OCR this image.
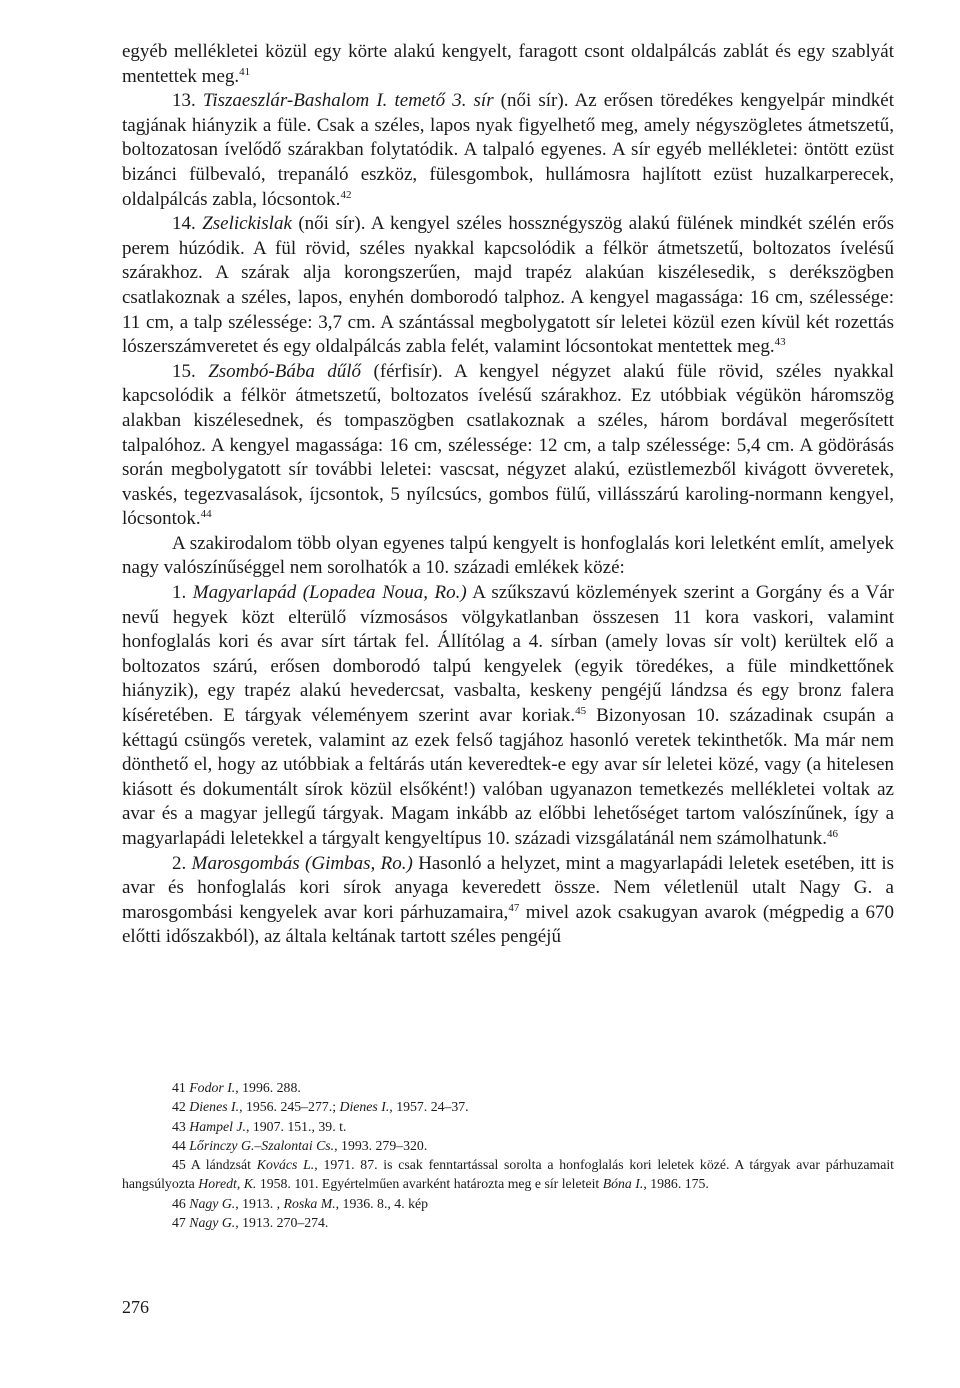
egyéb mellékletei közül egy körte alakú kengyelt, faragott csont oldalpálcás zablát és egy szablyát mentettek meg.$^{41}$

13. Tiszaeszlár-Bashalom I. temető 3. sír (női sír). Az erősen töredékes kengyelpár mindkét tagjának hiányzik a füle. Csak a széles, lapos nyak figyelhető meg, amely négyszögletes átmetszetű, boltozatosan ívelődő szárakban folytatódik. A talpaló egyenes. A sír egyéb mellékletei: öntött ezüst bizánci fülbevaló, trepanáló eszköz, fülesgombok, hullámosra hajlított ezüst huzalkarperecek, oldalpálcás zabla, lócsontok.$^{42}$

14. Zselickislak (női sír). A kengyel széles hossznégyszög alakú fülének mindkét szélén erős perem húzódik. A fül rövid, széles nyakkal kapcsolódik a félkör átmetszetű, boltozatos ívelésű szárakhoz. A szárak alja korongszerűen, majd trapéz alakúan kiszélesedik, s derékszögben csatlakoznak a széles, lapos, enyhén domborodó talphoz. A kengyel magassága: 16 cm, szélessége: 11 cm, a talp szélessége: 3,7 cm. A szántással megbolygatott sír leletei közül ezen kívül két rozettás lószerszámveretet és egy oldalpálcás zabla felét, valamint lócsontokat mentettek meg.$^{43}$

15. Zsombó-Bába dűlő (férfisír). A kengyel négyzet alakú füle rövid, széles nyakkal kapcsolódik a félkör átmetszetű, boltozatos ívelésű szárakhoz. Ez utóbbiak végükön háromszög alakban kiszélesednek, és tompaszögben csatlakoznak a széles, három bordával megerősített talpalóhoz. A kengyel magassága: 16 cm, szélessége: 12 cm, a talp szélessége: 5,4 cm. A gödörásás során megbolygatott sír további leletei: vascsat, négyzet alakú, ezüstlemezből kivágott övveretek, vaskés, tegezvasalások, íjcsontok, 5 nyílcsúcs, gombos fülű, villásszárú karoling-normann kengyel, lócsontok.$^{44}$

A szakirodalom több olyan egyenes talpú kengyelt is honfoglalás kori leletként említ, amelyek nagy valószínűséggel nem sorolhatók a 10. századi emlékek közé:

1. Magyarlapád (Lopadea Noua, Ro.) A szűkszavú közlemények szerint a Gorgány és a Vár nevű hegyek közt elterülő vízmosásos völgykatlanban összesen 11 kora vaskori, valamint honfoglalás kori és avar sírt tártak fel. Állítólag a 4. sírban (amely lovas sír volt) kerültek elő a boltozatos szárú, erősen domborodó talpú kengyelek (egyik töredékes, a füle mindkettőnek hiányzik), egy trapéz alakú hevedercsat, vasbalta, keskeny pengéjű lándzsa és egy bronz falera kíséretében. E tárgyak véleményem szerint avar koriak.$^{45}$ Bizonyosan 10. századinak csupán a kéttagú csüngős veretek, valamint az ezek felső tagjához hasonló veretek tekinthetők. Ma már nem dönthető el, hogy az utóbbiak a feltárás után keveredtek-e egy avar sír leletei közé, vagy (a hitelesen kiásott és dokumentált sírok közül elsőként!) valóban ugyanazon temetkezés mellékletei voltak az avar és a magyar jellegű tárgyak. Magam inkább az előbbi lehetőséget tartom valószínűnek, így a magyarlapádi leletekkel a tárgyalt kengyeltípus 10. századi vizsgálatánál nem számolhatunk.$^{46}$

2. Marosgombás (Gimbas, Ro.) Hasonló a helyzet, mint a magyarlapádi leletek esetében, itt is avar és honfoglalás kori sírok anyaga keveredett össze. Nem véletlenül utalt Nagy G. a marosgombási kengyelek avar kori párhuzamaira,$^{47}$ mivel azok csakugyan avarok (mégpedig a 670 előtti időszakból), az általa keltának tartott széles pengéjű

41 Fodor I., 1996. 288.

42 Dienes I., 1956. 245–277.; Dienes I., 1957. 24–37.

43 Hampel J., 1907. 151., 39. t.

44 Lőrinczy G.–Szalontai Cs., 1993. 279–320.

45 A lándzsát Kovács L., 1971. 87. is csak fenntartással sorolta a honfoglalás kori leletek közé. A tárgyak avar párhuzamait hangsúlyozta Horedt, K. 1958. 101. Egyértelműen avarként határozta meg e sír leleteit Bóna I., 1986. 175.

46 Nagy G., 1913. , Roska M., 1936. 8., 4. kép

47 Nagy G., 1913. 270–274.

276
